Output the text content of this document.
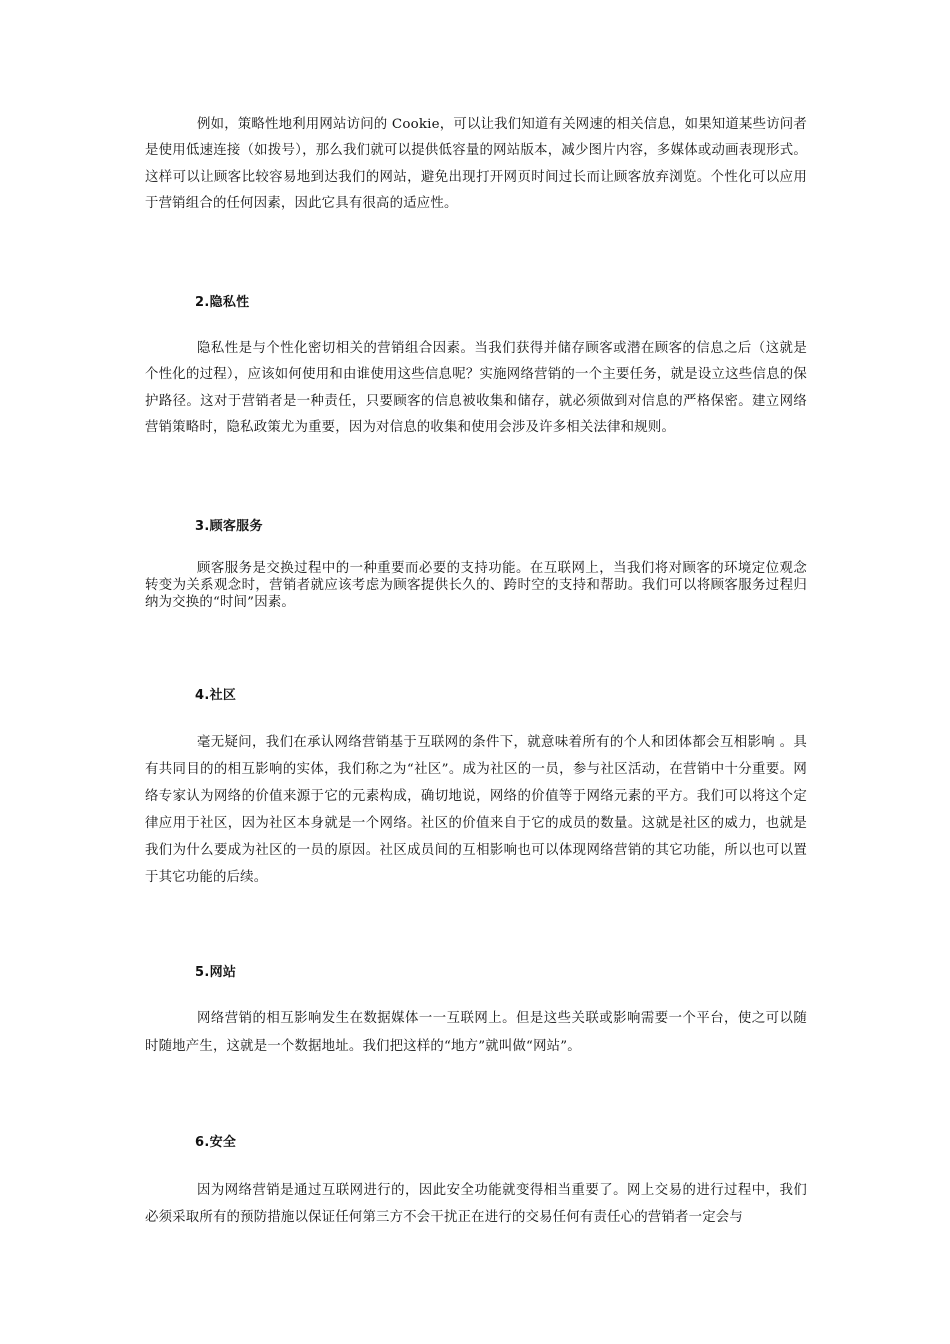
例如，策略性地利用网站访问的 Cookie，可以让我们知道有关网速的相关信息，如果知道某些访问者是使用低速连接（如拨号），那么我们就可以提供低容量的网站版本，减少图片内容，多媒体或动画表现形式。这样可以让顾客比较容易地到达我们的网站，避免出现打开网页时间过长而让顾客放弃浏览。个性化可以应用于营销组合的任何因素，因此它具有很高的适应性。

2.隐私性

隐私性是与个性化密切相关的营销组合因素。当我们获得并储存顾客或潜在顾客的信息之后（这就是个性化的过程），应该如何使用和由谁使用这些信息呢？实施网络营销的一个主要任务，就是设立这些信息的保护路径。这对于营销者是一种责任，只要顾客的信息被收集和储存，就必须做到对信息的严格保密。建立网络营销策略时，隐私政策尤为重要，因为对信息的收集和使用会涉及许多相关法律和规则。

3.顾客服务

顾客服务是交换过程中的一种重要而必要的支持功能。在互联网上，当我们将对顾客的环境定位观念转变为关系观念时，营销者就应该考虑为顾客提供长久的、跨时空的支持和帮助。我们可以将顾客服务过程归纳为交换的“时间”因素。

4.社区

毫无疑问，我们在承认网络营销基于互联网的条件下，就意味着所有的个人和团体都会互相影响 。具有共同目的的相互影响的实体，我们称之为“社区”。成为社区的一员，参与社区活动，在营销中十分重要。网络专家认为网络的价值来源于它的元素构成，确切地说，网络的价值等于网络元素的平方。我们可以将这个定律应用于社区，因为社区本身就是一个网络。社区的价值来自于它的成员的数量。这就是社区的威力，也就是我们为什么要成为社区的一员的原因。社区成员间的互相影响也可以体现网络营销的其它功能，所以也可以置于其它功能的后续。

5.网站

网络营销的相互影响发生在数据媒体一一互联网上。但是这些关联或影响需要一个平台，使之可以随时随地产生，这就是一个数据地址。我们把这样的“地方”就叫做“网站”。

6.安全

因为网络营销是通过互联网进行的，因此安全功能就变得相当重要了。网上交易的进行过程中，我们必须采取所有的预防措施以保证任何第三方不会干扰正在进行的交易任何有责任心的营销者一定会与
